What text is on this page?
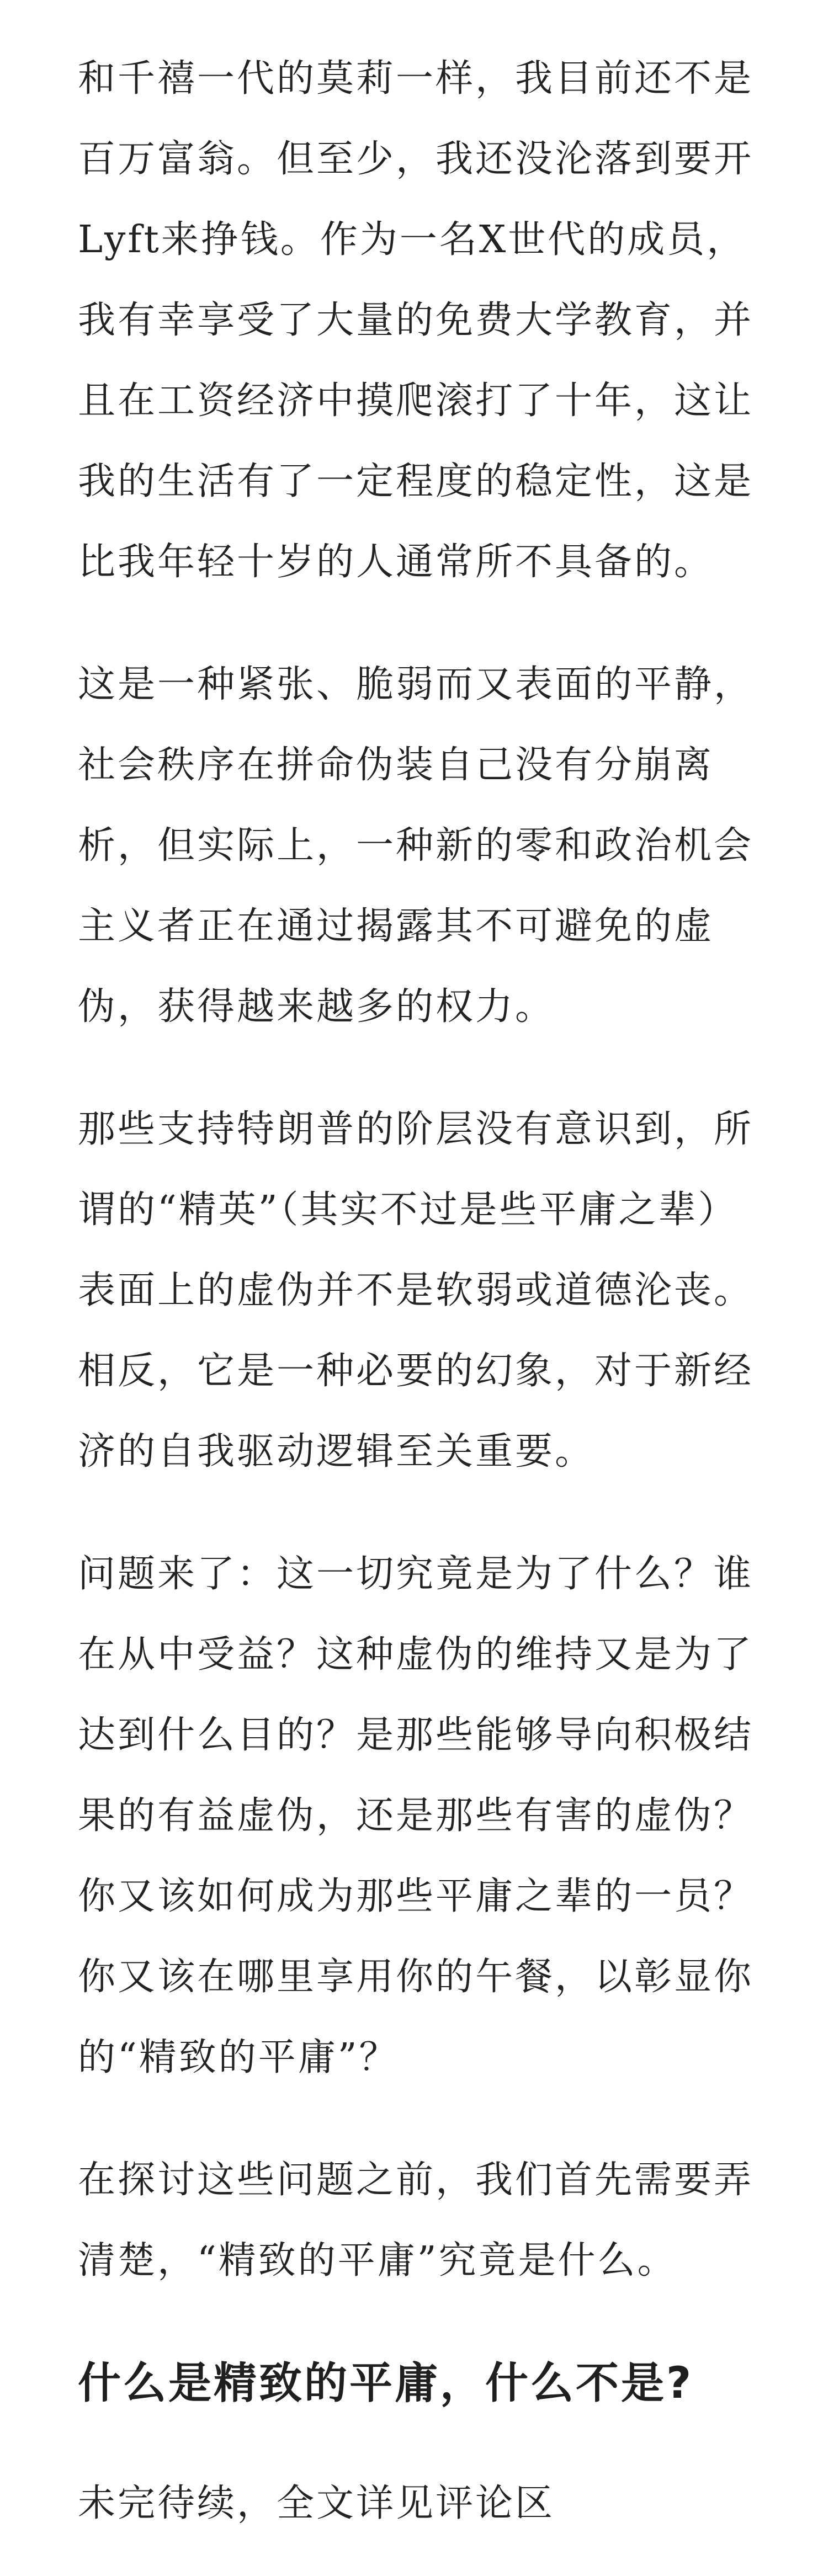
和千禧一代的莫莉一样，我目前还不是百万富翁。但至少，我还没沦落到要开Lyft来挣钱。作为一名X世代的成员，我有幸享受了大量的免费大学教育，并且在工资经济中摸爬滚打了十年，这让我的生活有了一定程度的稳定性，这是比我年轻十岁的人通常所不具备的。

这是一种紧张、脆弱而又表面的平静，社会秩序在拼命伪装自己没有分崩离析，但实际上，一种新的零和政治机会主义者正在通过揭露其不可避免的虚伪，获得越来越多的权力。

那些支持特朗普的阶层没有意识到，所谓的“精英”（其实不过是些平庸之辈）表面上的虚伪并不是软弱或道德沦丧。相反，它是一种必要的幻象，对于新经济的自我驱动逻辑至关重要。

问题来了：这一切究竟是为了什么？谁在从中受益？这种虚伪的维持又是为了达到什么目的？是那些能够导向积极结果的有益虚伪，还是那些有害的虚伪？你又该如何成为那些平庸之辈的一员？你又该在哪里享用你的午餐，以彰显你的“精致的平庸”？

在探讨这些问题之前，我们首先需要弄清楚，“精致的平庸”究竟是什么。

什么是精致的平庸，什么不是?

未完待续，全文详见评论区
